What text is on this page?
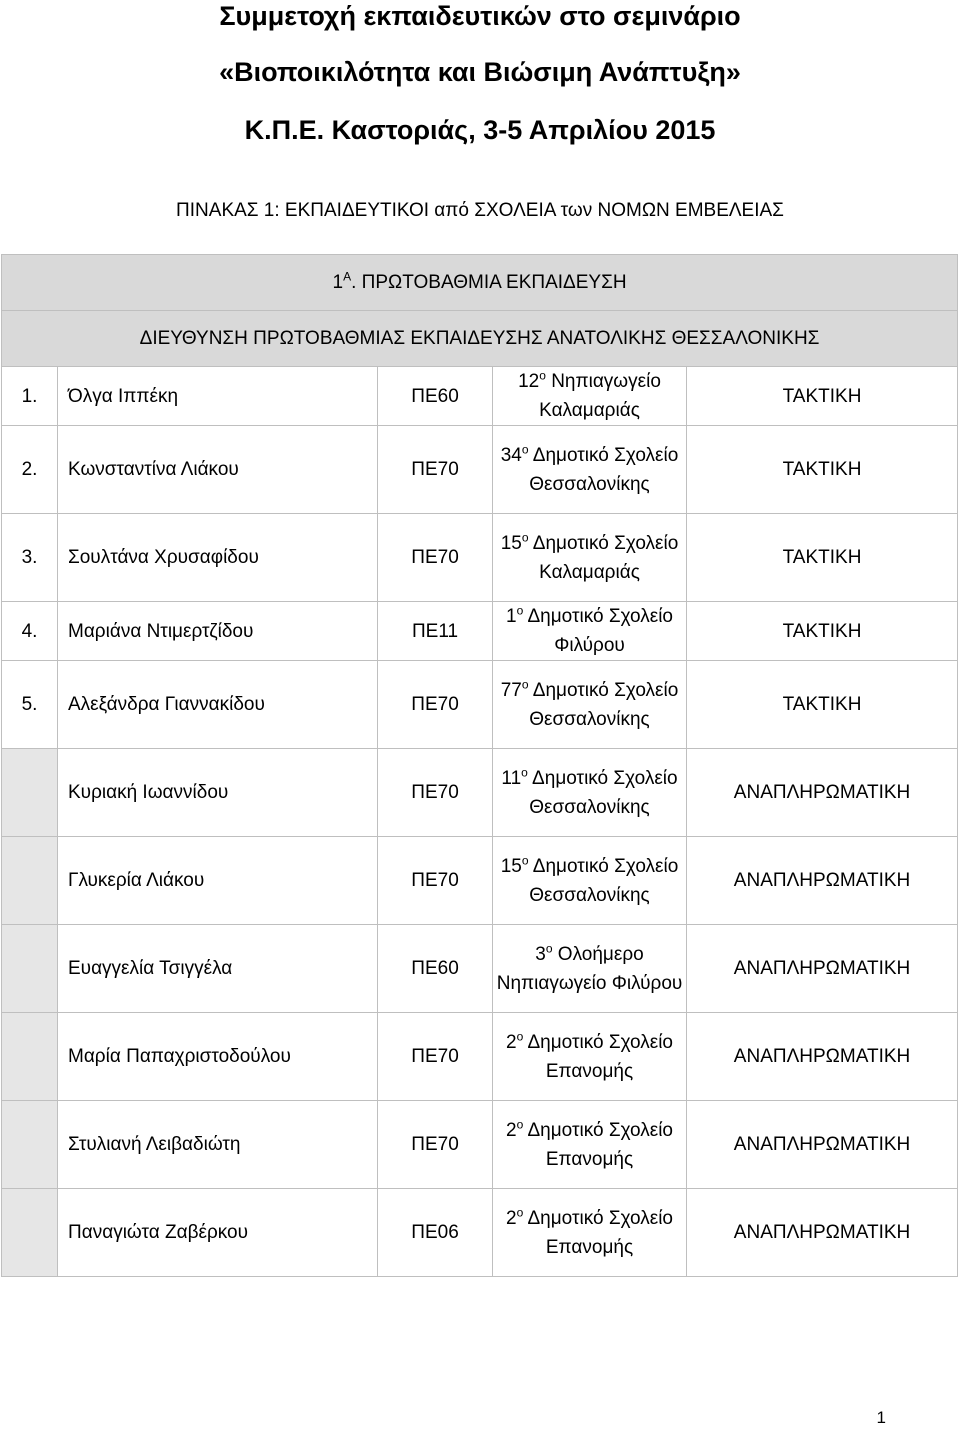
Συμμετοχή εκπαιδευτικών στο σεμινάριο
«Βιοποικιλότητα και Βιώσιμη Ανάπτυξη»
Κ.Π.Ε. Καστοριάς, 3-5 Απριλίου 2015
ΠΙΝΑΚΑΣ 1: ΕΚΠΑΙΔΕΥΤΙΚΟΙ από ΣΧΟΛΕΙΑ των ΝΟΜΩΝ ΕΜΒΕΛΕΙΑΣ
$1^A$. ΠΡΩΤΟΒΑΘΜΙΑ ΕΚΠΑΙΔΕΥΣΗ				
ΔΙΕΥΘΥΝΣΗ ΠΡΩΤΟΒΑΘΜΙΑΣ ΕΚΠΑΙΔΕΥΣΗΣ ΑΝΑΤΟΛΙΚΗΣ ΘΕΣΣΑΛΟΝΙΚΗΣ				
1.	Όλγα Ιππέκη	ΠΕ60	$12^o$ Νηπιαγωγείο Καλαμαριάς	ΤΑΚΤΙΚΗ
2.	Κωνσταντίνα Λιάκου	ΠΕ70	$34^o$ Δημοτικό Σχολείο Θεσσαλονίκης	ΤΑΚΤΙΚΗ
3.	Σουλτάνα Χρυσαφίδου	ΠΕ70	$15^o$ Δημοτικό Σχολείο Καλαμαριάς	ΤΑΚΤΙΚΗ
4.	Μαριάνα Ντιμερτζίδου	ΠΕ11	$1^o$ Δημοτικό Σχολείο Φιλύρου	ΤΑΚΤΙΚΗ
5.	Αλεξάνδρα Γιαννακίδου	ΠΕ70	$77^o$ Δημοτικό Σχολείο Θεσσαλονίκης	ΤΑΚΤΙΚΗ
	Κυριακή Ιωαννίδου	ΠΕ70	$11^o$ Δημοτικό Σχολείο Θεσσαλονίκης	ΑΝΑΠΛΗΡΩΜΑΤΙΚΗ
	Γλυκερία Λιάκου	ΠΕ70	$15^o$ Δημοτικό Σχολείο Θεσσαλονίκης	ΑΝΑΠΛΗΡΩΜΑΤΙΚΗ
	Ευαγγελία Τσιγγέλα	ΠΕ60	$3^o$ Ολοήμερο Νηπιαγωγείο Φιλύρου	ΑΝΑΠΛΗΡΩΜΑΤΙΚΗ
	Μαρία Παπαχριστοδούλου	ΠΕ70	$2^o$ Δημοτικό Σχολείο Επανομής	ΑΝΑΠΛΗΡΩΜΑΤΙΚΗ
	Στυλιανή Λειβαδιώτη	ΠΕ70	$2^o$ Δημοτικό Σχολείο Επανομής	ΑΝΑΠΛΗΡΩΜΑΤΙΚΗ
	Παναγιώτα Ζαβέρκου	ΠΕ06	$2^o$ Δημοτικό Σχολείο Επανομής	ΑΝΑΠΛΗΡΩΜΑΤΙΚΗ
1
